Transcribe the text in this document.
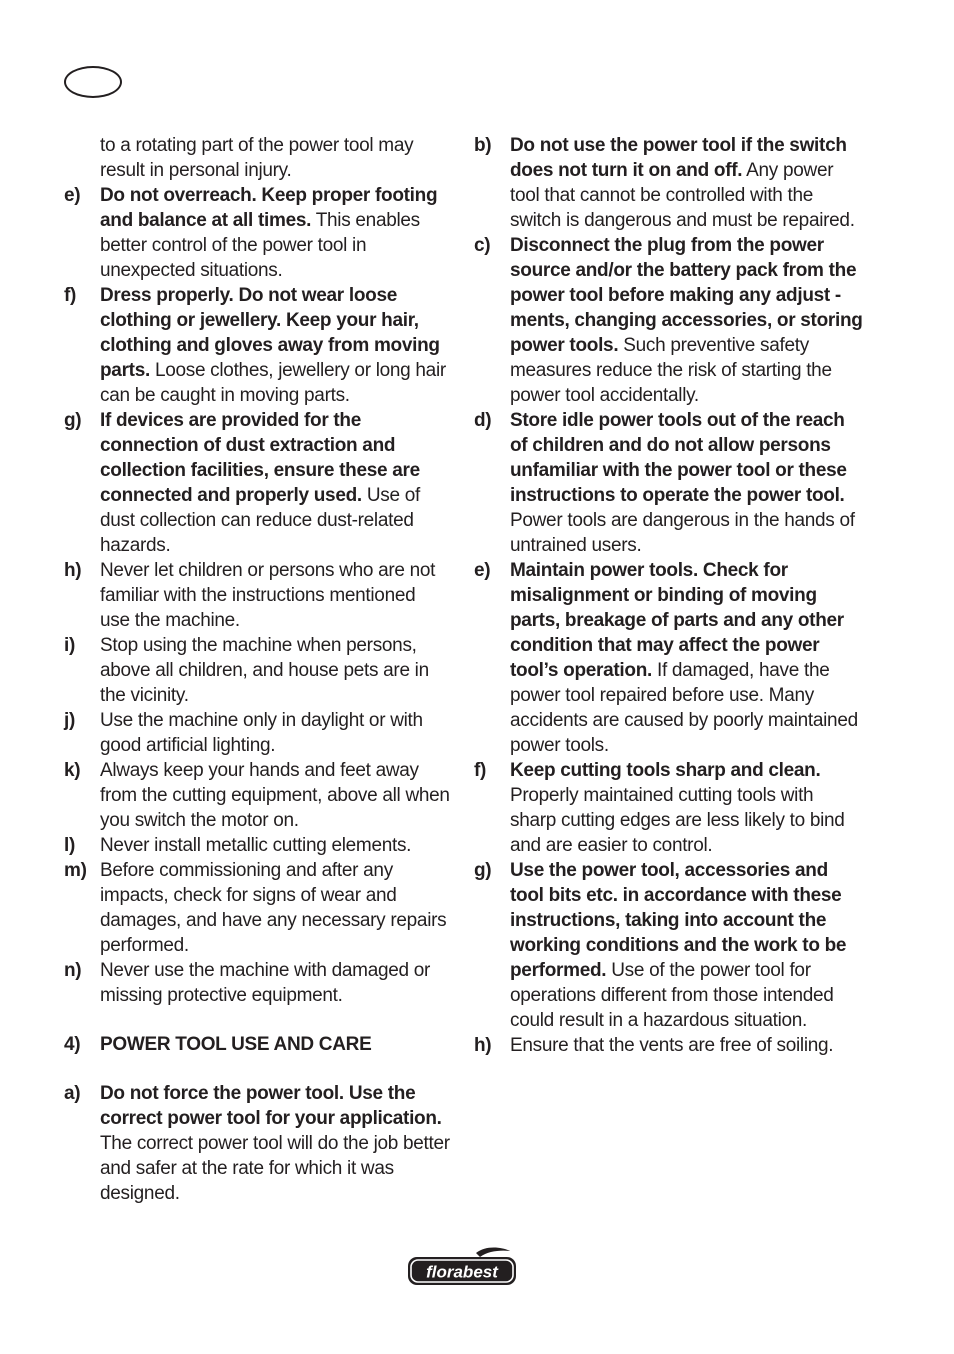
to a rotating part of the power tool may result in personal injury.
e)	Do not overreach. Keep proper footing and balance at all times. This enables better control of the power tool in unexpected situations.
f)	Dress properly. Do not wear loose clothing or jewellery. Keep your hair, clothing and gloves away from moving parts. Loose clothes, jewellery or long hair can be caught in moving parts.
g) If devices are provided for the connection of dust extraction and collection facilities, ensure these are connected and properly used. Use of dust collection can reduce dust-related hazards.
h) Never let children or persons who are not familiar with the instructions mentioned use the machine.
i)	Stop using the machine when persons, above all children, and house pets are in the vicinity.
j)	Use the machine only in daylight or with good artificial lighting.
k)	Always keep your hands and feet away from the cutting equipment, above all when you switch the motor on.
l)	Never install metallic cutting elements.
m) Before commissioning and after any impacts, check for signs of wear and damages, and have any necessary repairs performed.
n) Never use the machine with damaged or missing protective equipment.
4)	POWER TOOL USE AND CARE
a)	Do not force the power tool. Use the correct power tool for your application. The correct power tool will do the job better and safer at the rate for which it was designed.
b) Do not use the power tool if the switch does not turn it on and off. Any power tool that cannot be controlled with the switch is dangerous and must be repaired.
c)	Disconnect the plug from the power source and/or the battery pack from the power tool before making any adjust -ments, changing accessories, or storing power tools. Such preventive safety measures reduce the risk of starting the power tool accidentally.
d) Store idle power tools out of the reach of children and do not allow persons unfamiliar with the power tool or these instructions to operate the power tool. Power tools are dangerous in the hands of untrained users.
e)	Maintain power tools. Check for misalignment or binding of moving parts, breakage of parts and any other condition that may affect the power tool’s operation. If damaged, have the power tool repaired before use. Many accidents are caused by poorly maintained power tools.
f)	Keep cutting tools sharp and clean. Properly maintained cutting tools with sharp cutting edges are less likely to bind and are easier to control.
g) Use the power tool, accessories and tool bits etc. in accordance with these instructions, taking into account the working conditions and the work to be performed. Use of the power tool for operations different from those intended could result in a hazardous situation.
h) Ensure that the vents are free of soiling.
florabest
